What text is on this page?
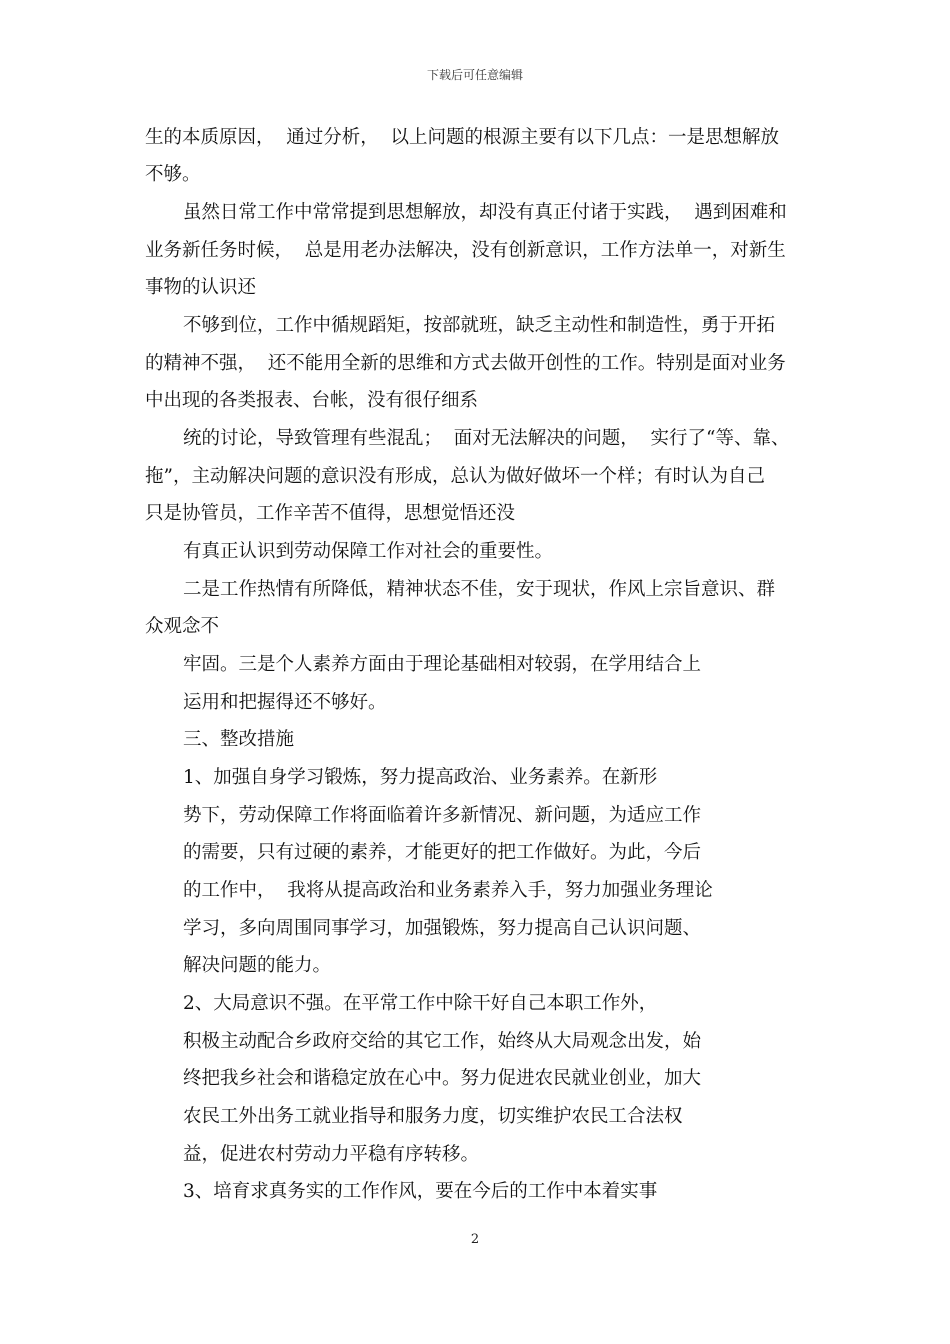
下载后可任意编辑
生的本质原因，  通过分析，  以上问题的根源主要有以下几点：一是思想解放
不够。
虽然日常工作中常常提到思想解放，却没有真正付诸于实践，  遇到困难和
业务新任务时候，  总是用老办法解决，没有创新意识，工作方法单一，对新生
事物的认识还
不够到位，工作中循规蹈矩，按部就班，缺乏主动性和制造性，勇于开拓
的精神不强，  还不能用全新的思维和方式去做开创性的工作。特别是面对业务
中出现的各类报表、台帐，没有很仔细系
统的讨论，导致管理有些混乱；  面对无法解决的问题，  实行了“等、靠、
拖”，主动解决问题的意识没有形成，总认为做好做坏一个样；有时认为自己
只是协管员，工作辛苦不值得，思想觉悟还没
有真正认识到劳动保障工作对社会的重要性。
二是工作热情有所降低，精神状态不佳，安于现状，作风上宗旨意识、群
众观念不
牢固。三是个人素养方面由于理论基础相对较弱，在学用结合上
运用和把握得还不够好。
三、整改措施
1、加强自身学习锻炼，努力提高政治、业务素养。在新形
势下，劳动保障工作将面临着许多新情况、新问题，为适应工作
的需要，只有过硬的素养，才能更好的把工作做好。为此，今后
的工作中，  我将从提高政治和业务素养入手，努力加强业务理论
学习，多向周围同事学习，加强锻炼，努力提高自己认识问题、
解决问题的能力。
2、大局意识不强。在平常工作中除干好自己本职工作外，
积极主动配合乡政府交给的其它工作，始终从大局观念出发，始
终把我乡社会和谐稳定放在心中。努力促进农民就业创业，加大
农民工外出务工就业指导和服务力度，切实维护农民工合法权
益，促进农村劳动力平稳有序转移。
3、培育求真务实的工作作风，要在今后的工作中本着实事
2
